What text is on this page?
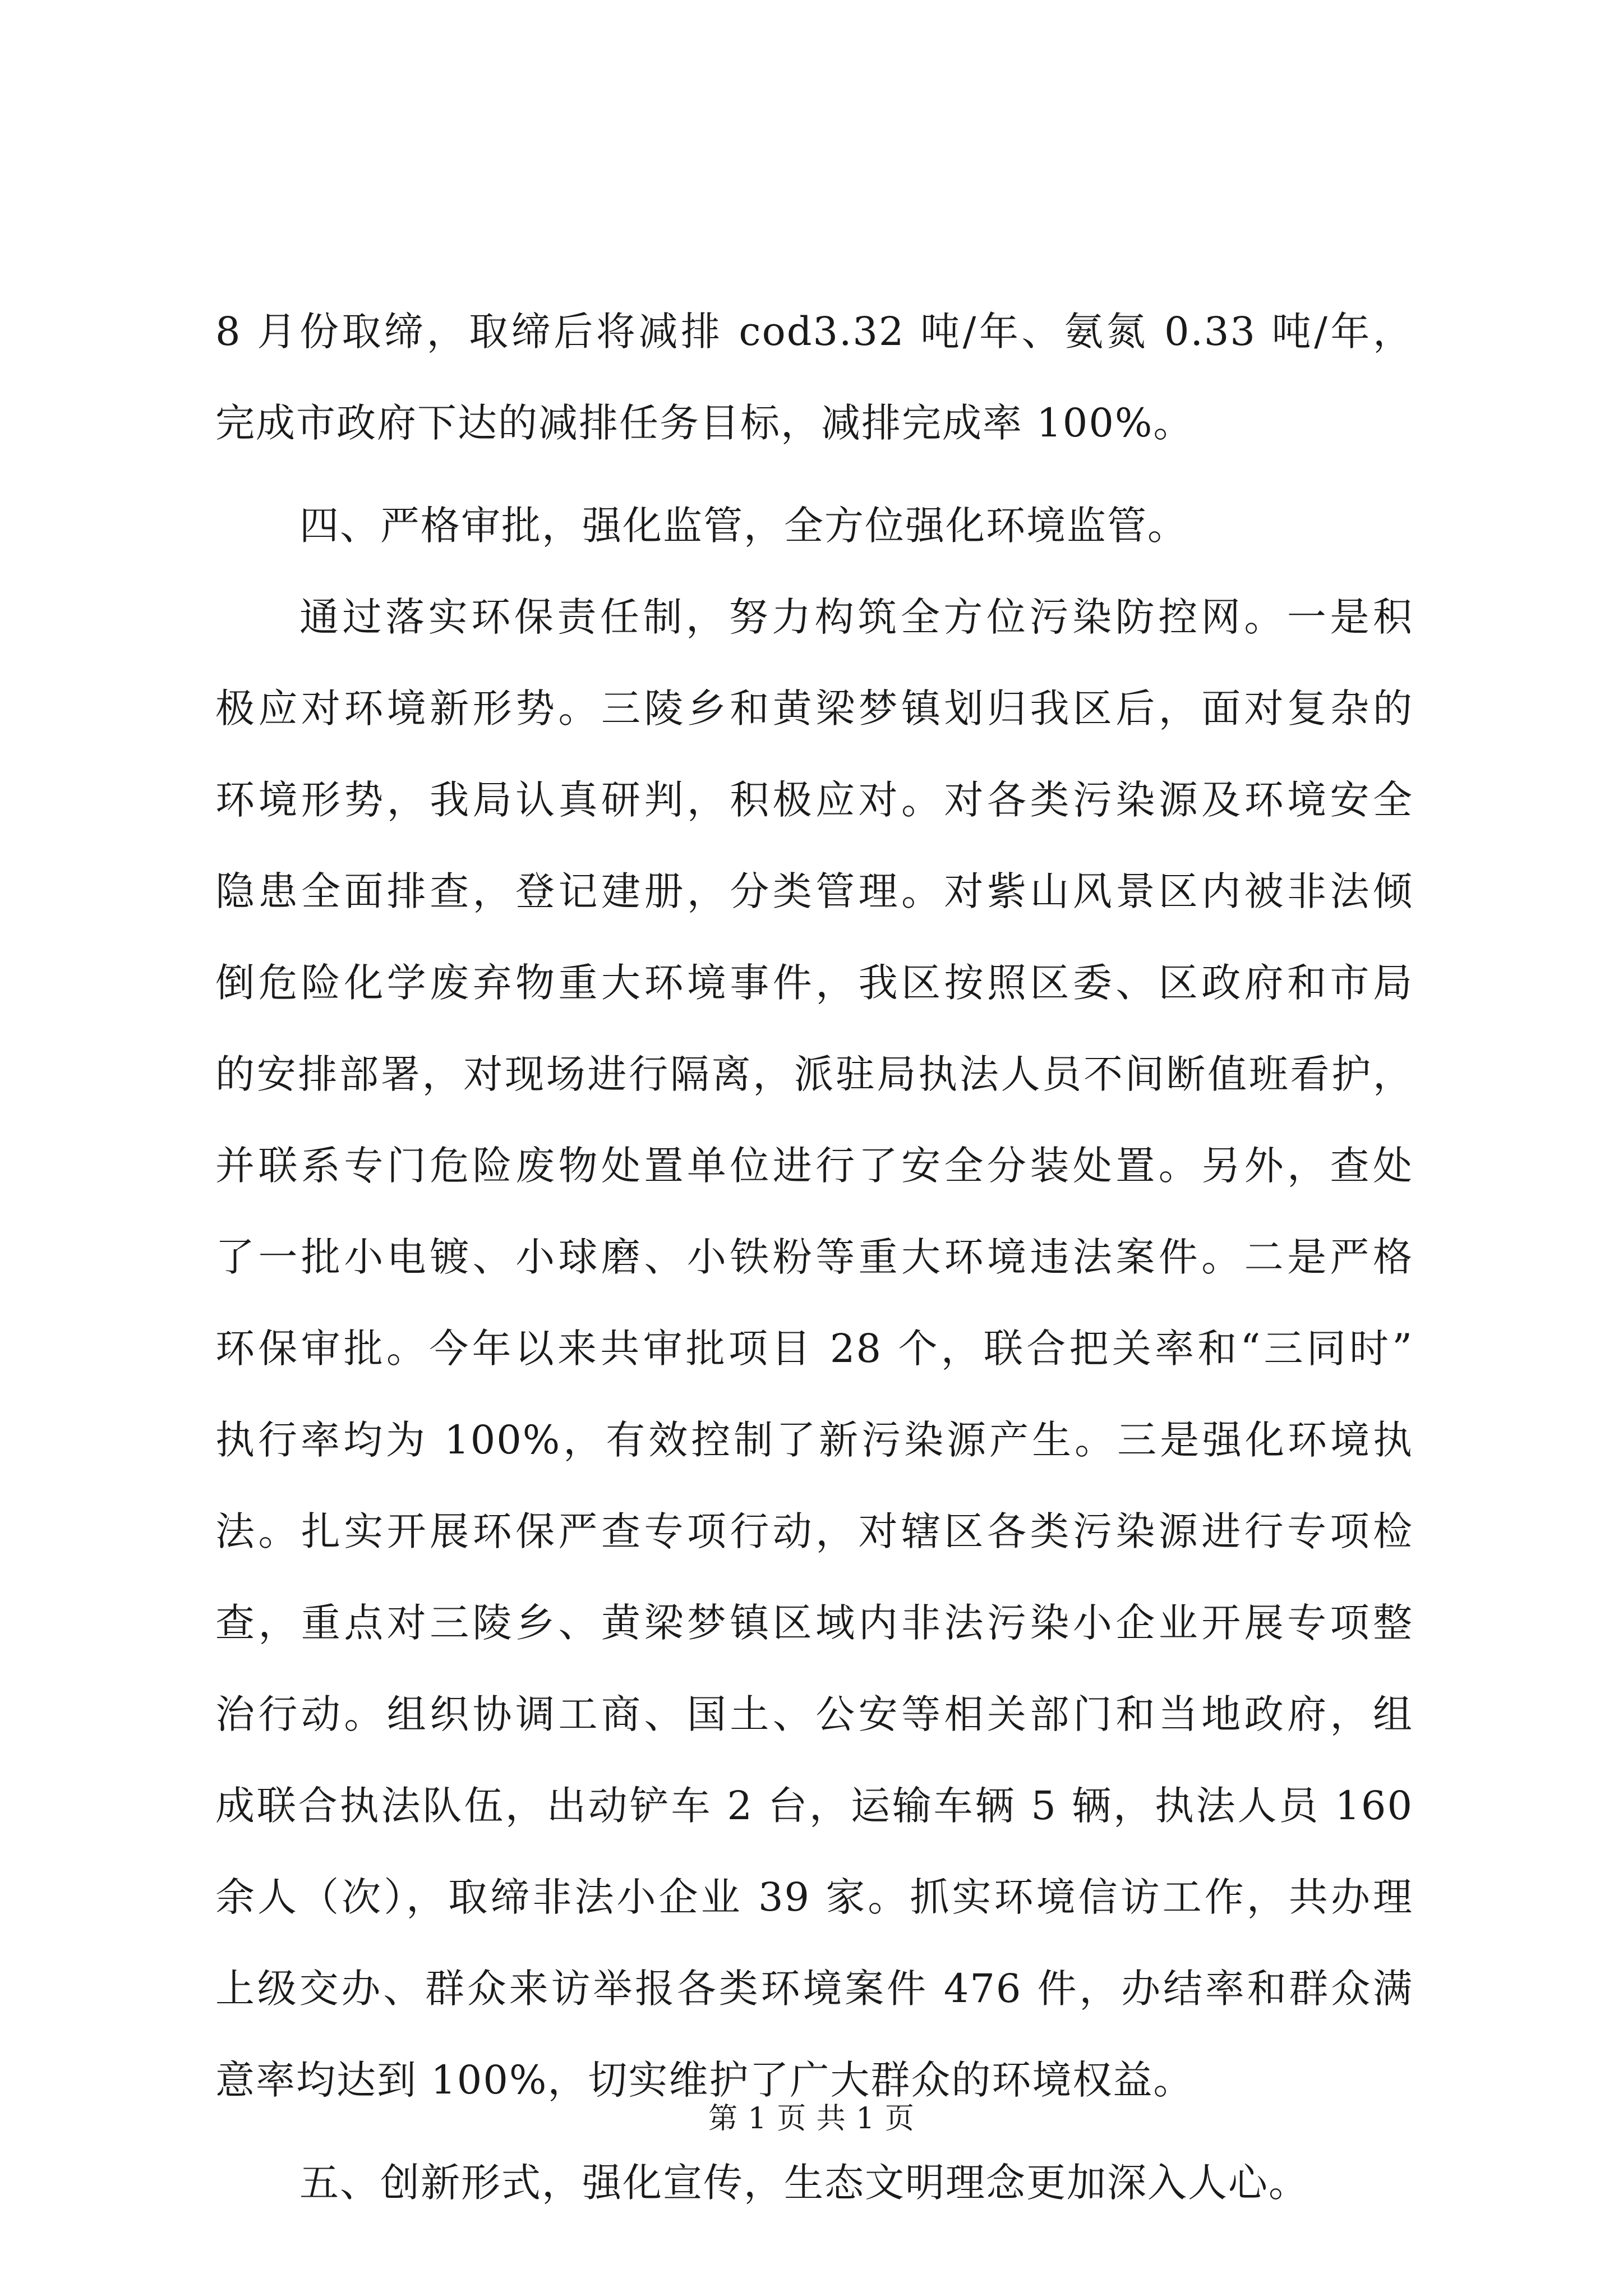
8 月份取缔，取缔后将减排 cod3.32 吨/年、氨氮 0.33 吨/年，
完成市政府下达的减排任务目标，减排完成率 100%。
四、严格审批，强化监管，全方位强化环境监管。
通过落实环保责任制，努力构筑全方位污染防控网。一是积
极应对环境新形势。三陵乡和黄梁梦镇划归我区后，面对复杂的
环境形势，我局认真研判，积极应对。对各类污染源及环境安全
隐患全面排查，登记建册，分类管理。对紫山风景区内被非法倾
倒危险化学废弃物重大环境事件，我区按照区委、区政府和市局
的安排部署，对现场进行隔离，派驻局执法人员不间断值班看护，
并联系专门危险废物处置单位进行了安全分装处置。另外，查处
了一批小电镀、小球磨、小铁粉等重大环境违法案件。二是严格
环保审批。今年以来共审批项目 28 个，联合把关率和“三同时”
执行率均为 100%，有效控制了新污染源产生。三是强化环境执
法。扎实开展环保严查专项行动，对辖区各类污染源进行专项检
查，重点对三陵乡、黄梁梦镇区域内非法污染小企业开展专项整
治行动。组织协调工商、国土、公安等相关部门和当地政府，组
成联合执法队伍，出动铲车 2 台，运输车辆 5 辆，执法人员 160
余人（次），取缔非法小企业 39 家。抓实环境信访工作，共办理
上级交办、群众来访举报各类环境案件 476 件，办结率和群众满
意率均达到 100%，切实维护了广大群众的环境权益。
五、创新形式，强化宣传，生态文明理念更加深入人心。
第 1 页 共 1 页
